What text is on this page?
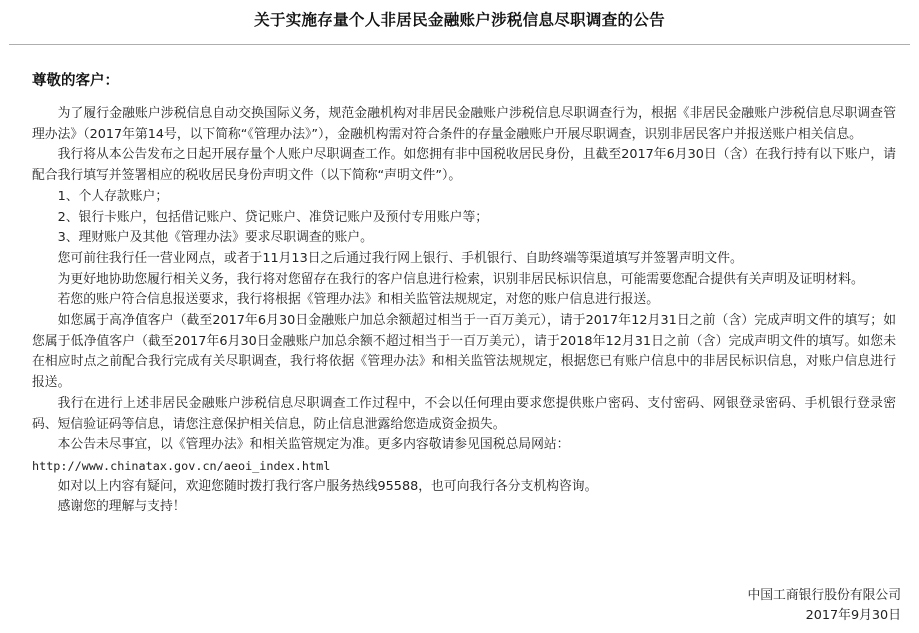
关于实施存量个人非居民金融账户涉税信息尽职调查的公告
尊敬的客户：

为了履行金融账户涉税信息自动交换国际义务，规范金融机构对非居民金融账户涉税信息尽职调查行为，根据《非居民金融账户涉税信息尽职调查管理办法》（2017年第14号，以下简称“《管理办法》”），金融机构需对符合条件的存量金融账户开展尽职调查，识别非居民客户并报送账户相关信息。

我行将从本公告发布之日起开展存量个人账户尽职调查工作。如您拥有非中国税收居民身份，且截至2017年6月30日（含）在我行持有以下账户，请配合我行填写并签署相应的税收居民身份声明文件（以下简称“声明文件”）。

1、个人存款账户；

2、银行卡账户，包括借记账户、贷记账户、准贷记账户及预付专用账户等；

3、理财账户及其他《管理办法》要求尽职调查的账户。

您可前往我行任一营业网点，或者于11月13日之后通过我行网上银行、手机银行、自助终端等渠道填写并签署声明文件。

为更好地协助您履行相关义务，我行将对您留存在我行的客户信息进行检索，识别非居民标识信息，可能需要您配合提供有关声明及证明材料。

若您的账户符合信息报送要求，我行将根据《管理办法》和相关监管法规规定，对您的账户信息进行报送。

如您属于高净值客户（截至2017年6月30日金融账户加总余额超过相当于一百万美元），请于2017年12月31日之前（含）完成声明文件的填写；如您属于低净值客户（截至2017年6月30日金融账户加总余额不超过相当于一百万美元），请于2018年12月31日之前（含）完成声明文件的填写。如您未在相应时点之前配合我行完成有关尽职调查，我行将依据《管理办法》和相关监管法规规定，根据您已有账户信息中的非居民标识信息，对账户信息进行报送。

我行在进行上述非居民金融账户涉税信息尽职调查工作过程中，不会以任何理由要求您提供账户密码、支付密码、网银登录密码、手机银行登录密码、短信验证码等信息，请您注意保护相关信息，防止信息泄露给您造成资金损失。

本公告未尽事宜，以《管理办法》和相关监管规定为准。更多内容敬请参见国税总局网站：

http://www.chinatax.gov.cn/aeoi_index.html

如对以上内容有疑问，欢迎您随时拨打我行客户服务热线95588，也可向我行各分支机构咨询。

感谢您的理解与支持！

中国工商银行股份有限公司
2017年9月30日
